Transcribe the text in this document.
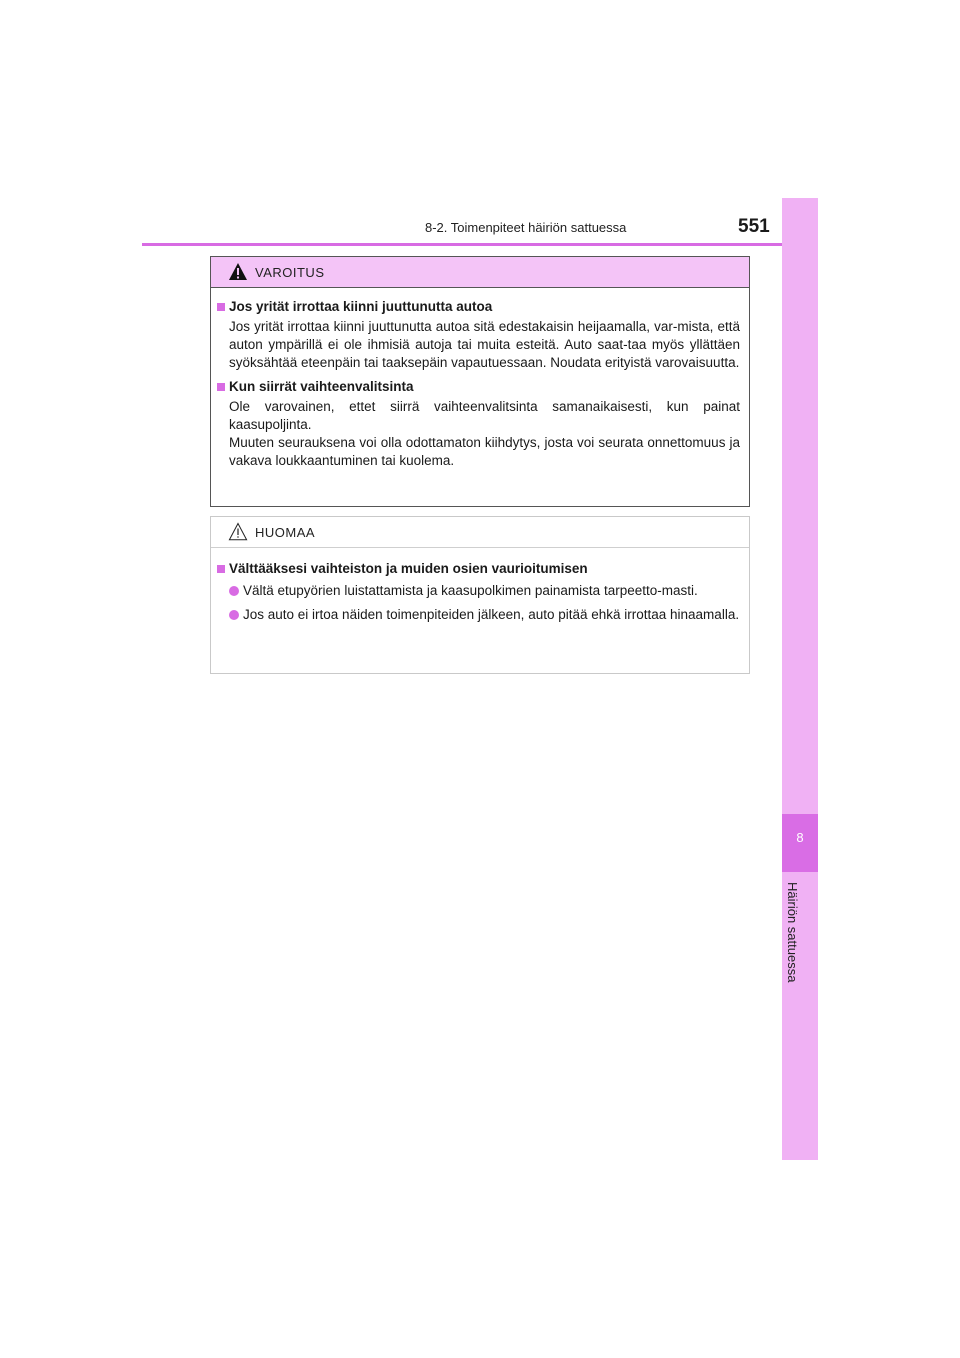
8-2. Toimenpiteet häiriön sattuessa	551
8
Häiriön sattuessa
VAROITUS
Jos yrität irrottaa kiinni juuttunutta autoa
Jos yrität irrottaa kiinni juuttunutta autoa sitä edestakaisin heijaamalla, var-mista, että auton ympärillä ei ole ihmisiä autoja tai muita esteitä. Auto saat-taa myös yllättäen syöksähtää eteenpäin tai taaksepäin vapautuessaan. Noudata erityistä varovaisuutta.
Kun siirrät vaihteenvalitsinta
Ole varovainen, ettet siirrä vaihteenvalitsinta samanaikaisesti, kun painat kaasupoljinta.
Muuten seurauksena voi olla odottamaton kiihdytys, josta voi seurata onnettomuus ja vakava loukkaantuminen tai kuolema.
HUOMAA
Välttääksesi vaihteiston ja muiden osien vaurioitumisen
Vältä etupyörien luistattamista ja kaasupolkimen painamista tarpeetto-masti.
Jos auto ei irtoa näiden toimenpiteiden jälkeen, auto pitää ehkä irrottaa hinaamalla.
